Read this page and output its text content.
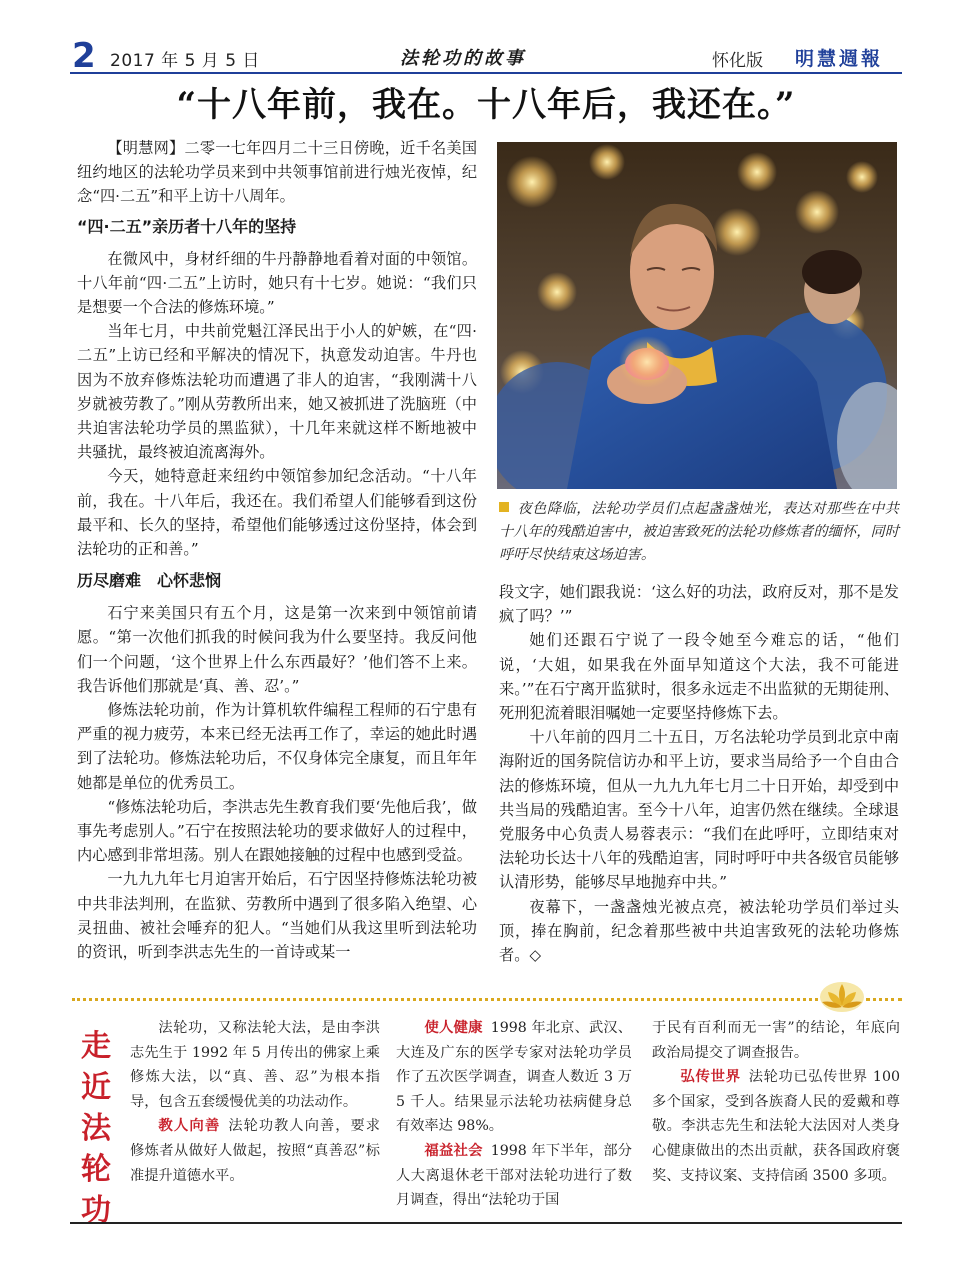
2 2017 年 5 月 5 日	法轮功的故事	怀化版 明慧週報
“十八年前，我在。十八年后，我还在。”

【明慧网】二零一七年四月二十三日傍晚，近千名美国纽约地区的法轮功学员来到中共领事馆前进行烛光夜悼，纪念“四·二五”和平上访十八周年。

“四·二五”亲历者十八年的坚持

在微风中，身材纤细的牛丹静静地看着对面的中领馆。十八年前“四·二五”上访时，她只有十七岁。她说：“我们只是想要一个合法的修炼环境。”

当年七月，中共前党魁江泽民出于小人的妒嫉，在“四·二五”上访已经和平解决的情况下，执意发动迫害。牛丹也因为不放弃修炼法轮功而遭遇了非人的迫害，“我刚满十八岁就被劳教了。”刚从劳教所出来，她又被抓进了洗脑班（中共迫害法轮功学员的黑监狱），十几年来就这样不断地被中共骚扰，最终被迫流离海外。

今天，她特意赶来纽约中领馆参加纪念活动。“十八年前，我在。十八年后，我还在。我们希望人们能够看到这份最平和、长久的坚持，希望他们能够透过这份坚持，体会到法轮功的正和善。”

历尽磨难　心怀悲悯

石宁来美国只有五个月，这是第一次来到中领馆前请愿。“第一次他们抓我的时候问我为什么要坚持。我反问他们一个问题，‘这个世界上什么东西最好？’他们答不上来。我告诉他们那就是‘真、善、忍’。”

修炼法轮功前，作为计算机软件编程工程师的石宁患有严重的视力疲劳，本来已经无法再工作了，幸运的她此时遇到了法轮功。修炼法轮功后，不仅身体完全康复，而且年年她都是单位的优秀员工。

“修炼法轮功后，李洪志先生教育我们要‘先他后我’，做事先考虑别人。”石宁在按照法轮功的要求做好人的过程中，内心感到非常坦荡。别人在跟她接触的过程中也感到受益。

一九九九年七月迫害开始后，石宁因坚持修炼法轮功被中共非法判刑，在监狱、劳教所中遇到了很多陷入绝望、心灵扭曲、被社会唾弃的犯人。“当她们从我这里听到法轮功的资讯，听到李洪志先生的一首诗或某一

夜色降临，法轮功学员们点起盏盏烛光，表达对那些在中共十八年的残酷迫害中，被迫害致死的法轮功修炼者的缅怀，同时呼吁尽快结束这场迫害。

段文字，她们跟我说：‘这么好的功法，政府反对，那不是发疯了吗？’”

她们还跟石宁说了一段令她至今难忘的话，“他们说，‘大姐，如果我在外面早知道这个大法，我不可能进来。’”在石宁离开监狱时，很多永远走不出监狱的无期徒刑、死刑犯流着眼泪嘱她一定要坚持修炼下去。

十八年前的四月二十五日，万名法轮功学员到北京中南海附近的国务院信访办和平上访，要求当局给予一个自由合法的修炼环境，但从一九九九年七月二十日开始，却受到中共当局的残酷迫害。至今十八年，迫害仍然在继续。全球退党服务中心负责人易蓉表示：“我们在此呼吁，立即结束对法轮功长达十八年的残酷迫害，同时呼吁中共各级官员能够认清形势，能够尽早地抛弃中共。”

夜幕下，一盏盏烛光被点亮，被法轮功学员们举过头顶，捧在胸前，纪念着那些被中共迫害致死的法轮功修炼者。◇

走
近
法
轮
功

法轮功，又称法轮大法，是由李洪志先生于 1992 年 5 月传出的佛家上乘修炼大法，以“真、善、忍”为根本指导，包含五套缓慢优美的功法动作。

教人向善 法轮功教人向善，要求修炼者从做好人做起，按照“真善忍”标准提升道德水平。

使人健康 1998 年北京、武汉、大连及广东的医学专家对法轮功学员作了五次医学调查，调查人数近 3 万 5 千人。结果显示法轮功祛病健身总有效率达 98%。

福益社会 1998 年下半年，部分人大离退休老干部对法轮功进行了数月调查，得出“法轮功于国

于民有百利而无一害”的结论，年底向政治局提交了调查报告。

弘传世界 法轮功已弘传世界 100 多个国家，受到各族裔人民的爱戴和尊敬。李洪志先生和法轮大法因对人类身心健康做出的杰出贡献，获各国政府褒奖、支持议案、支持信函 3500 多项。
